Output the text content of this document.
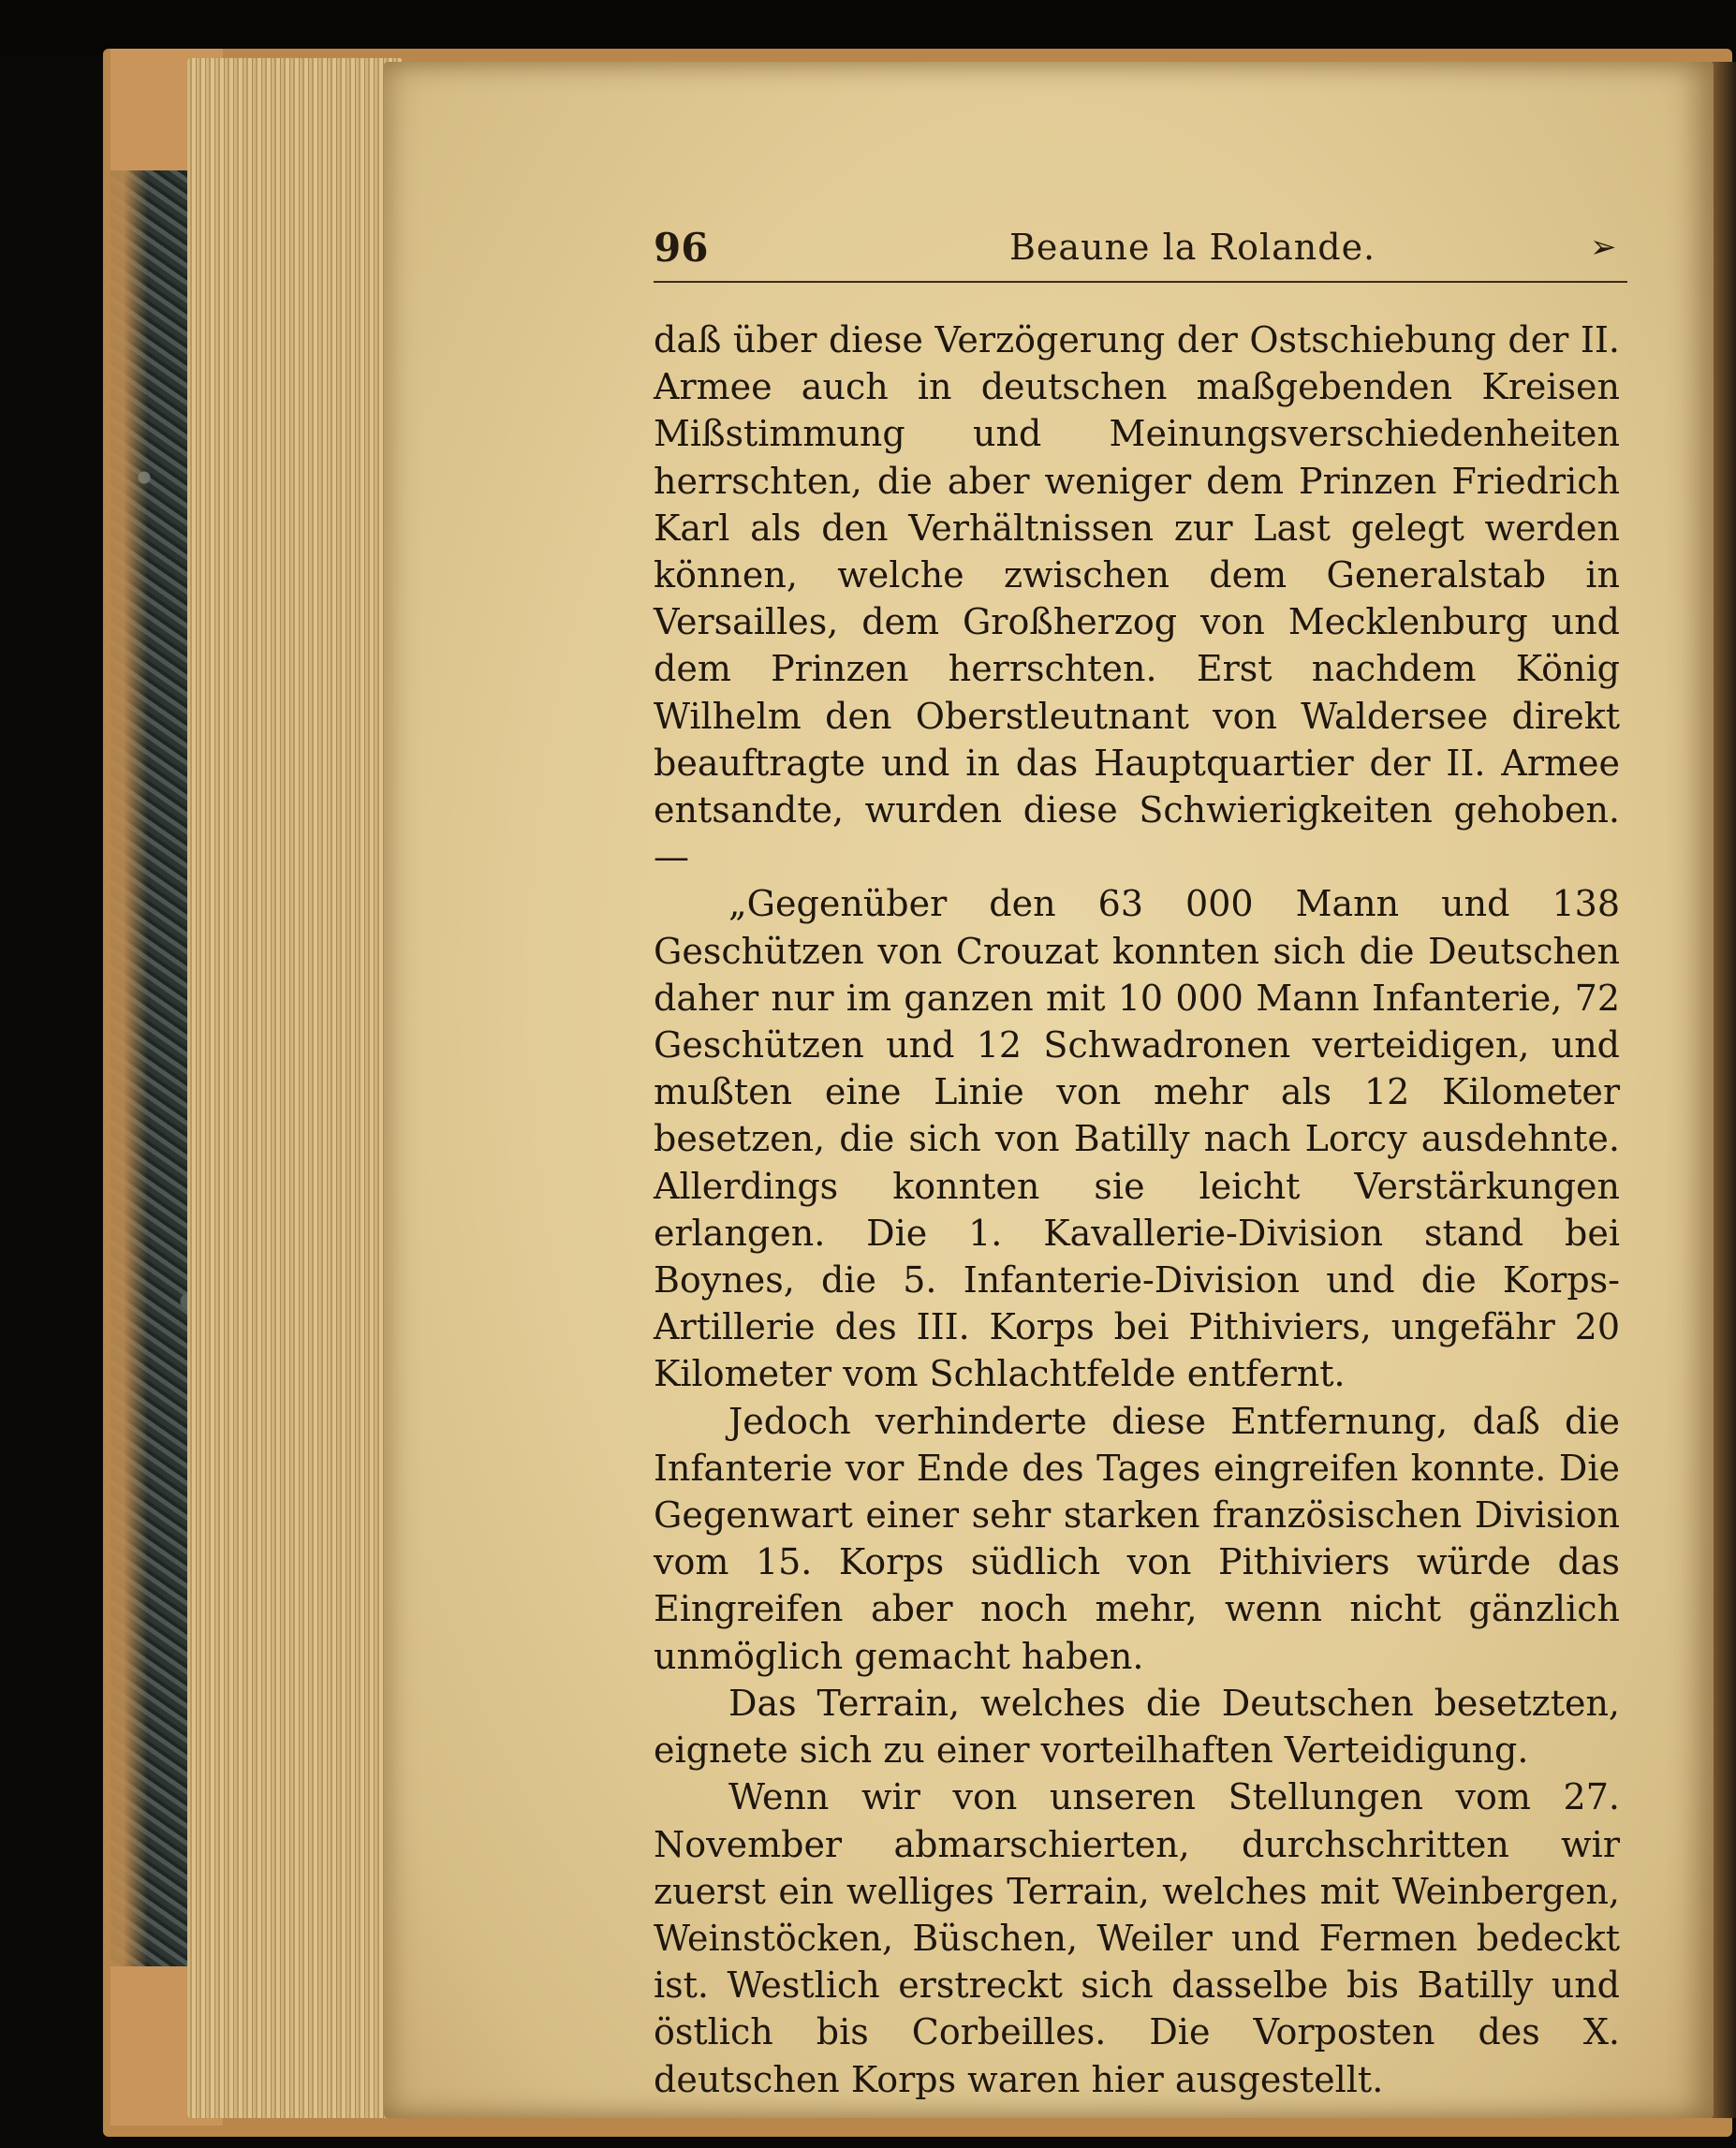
96	Beaune la Rolande.	➢

daß über diese Verzögerung der Ostschiebung der II. Armee auch in deutschen maßgebenden Kreisen Mißstimmung und Meinungsverschiedenheiten herrschten, die aber weniger dem Prinzen Friedrich Karl als den Verhältnissen zur Last gelegt werden können, welche zwischen dem Generalstab in Versailles, dem Großherzog von Mecklenburg und dem Prinzen herrschten. Erst nachdem König Wilhelm den Oberstleutnant von Waldersee direkt beauftragte und in das Hauptquartier der II. Armee entsandte, wurden diese Schwierigkeiten gehoben. —

„Gegenüber den 63 000 Mann und 138 Geschützen von Crouzat konnten sich die Deutschen daher nur im ganzen mit 10 000 Mann Infanterie, 72 Geschützen und 12 Schwadronen verteidigen, und mußten eine Linie von mehr als 12 Kilometer besetzen, die sich von Batilly nach Lorcy ausdehnte. Allerdings konnten sie leicht Verstärkungen erlangen. Die 1. Kavallerie-Division stand bei Boynes, die 5. Infanterie-Division und die Korps-Artillerie des III. Korps bei Pithiviers, ungefähr 20 Kilometer vom Schlachtfelde entfernt.

Jedoch verhinderte diese Entfernung, daß die Infanterie vor Ende des Tages eingreifen konnte. Die Gegenwart einer sehr starken französischen Division vom 15. Korps südlich von Pithiviers würde das Eingreifen aber noch mehr, wenn nicht gänzlich unmöglich gemacht haben.

Das Terrain, welches die Deutschen besetzten, eignete sich zu einer vorteilhaften Verteidigung.

Wenn wir von unseren Stellungen vom 27. November abmarschierten, durchschritten wir zuerst ein welliges Terrain, welches mit Weinbergen, Weinstöcken, Büschen, Weiler und Fermen bedeckt ist. Westlich erstreckt sich dasselbe bis Batilly und östlich bis Corbeilles. Die Vorposten des X. deutschen Korps waren hier ausgestellt.
